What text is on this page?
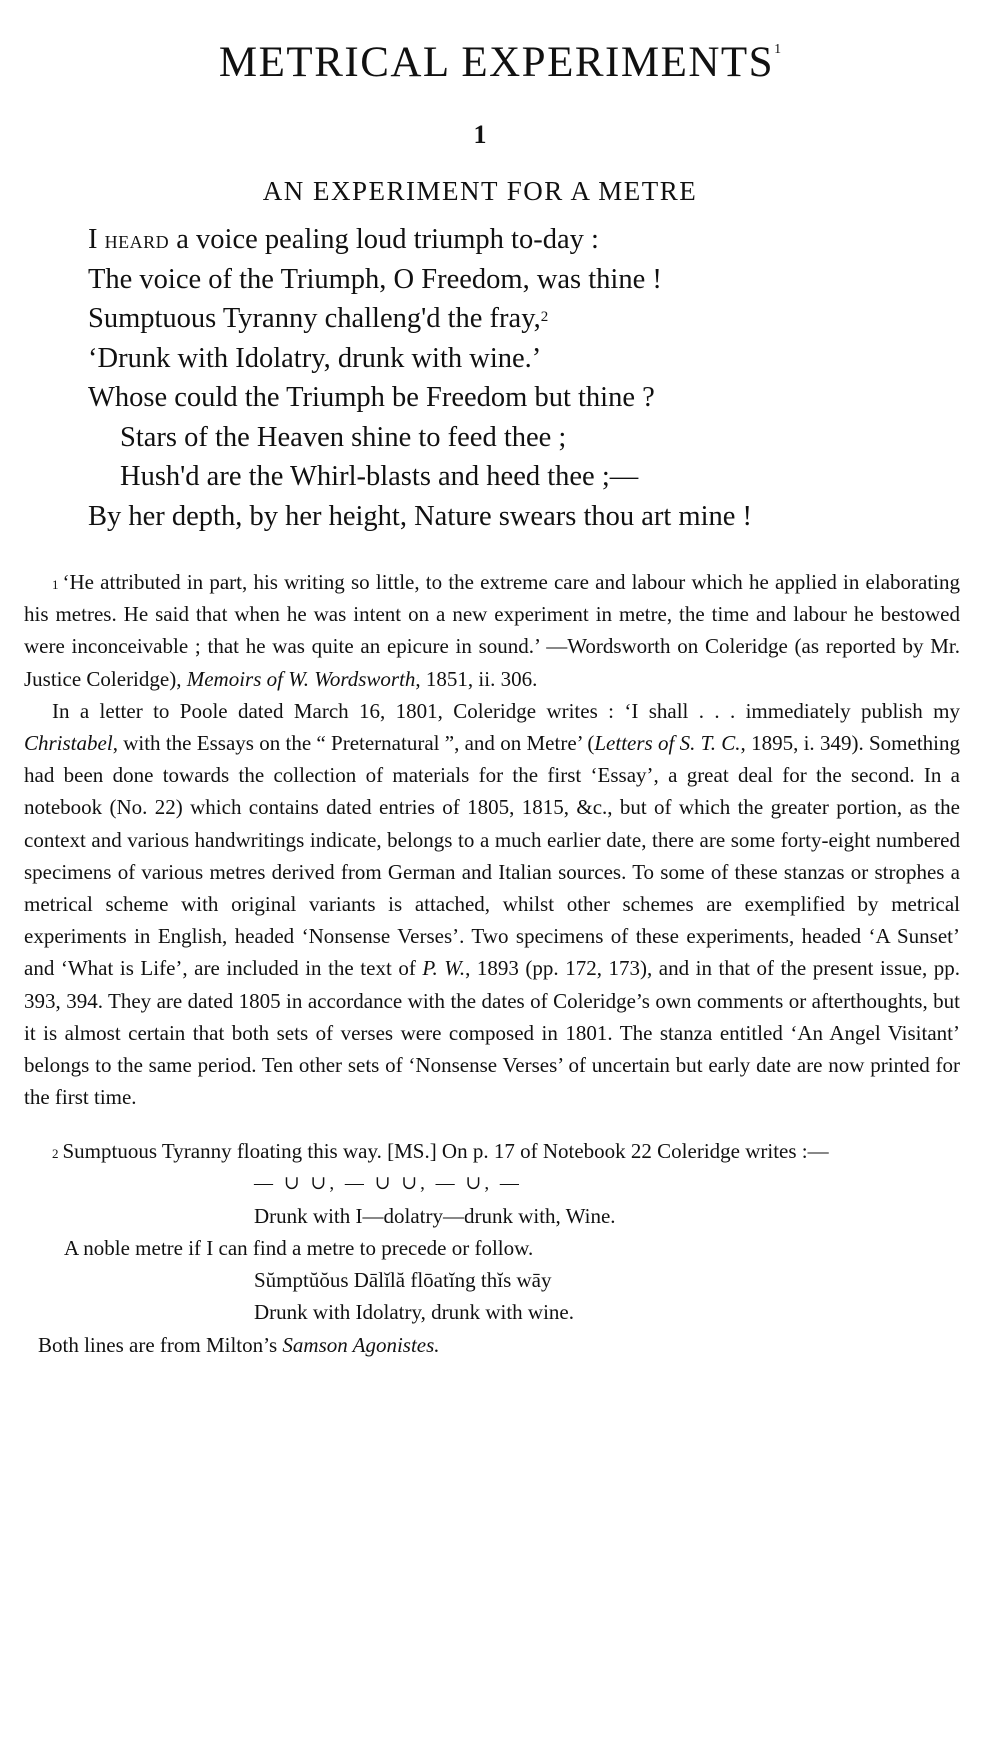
METRICAL EXPERIMENTS$^1$
1
AN EXPERIMENT FOR A METRE
I heard a voice pealing loud triumph to-day :
The voice of the Triumph, O Freedom, was thine !
Sumptuous Tyranny challeng'd the fray,$^2$
‘Drunk with Idolatry, drunk with wine.’
Whose could the Triumph be Freedom but thine ?
Stars of the Heaven shine to feed thee ;
Hush'd are the Whirl-blasts and heed thee ;—
By her depth, by her height, Nature swears thou art mine !

$^1$ ‘He attributed in part, his writing so little, to the extreme care and labour which he applied in elaborating his metres. He said that when he was intent on a new experiment in metre, the time and labour he bestowed were inconceivable ; that he was quite an epicure in sound.’ —Wordsworth on Coleridge (as reported by Mr. Justice Coleridge), Memoirs of W. Wordsworth, 1851, ii. 306.

In a letter to Poole dated March 16, 1801, Coleridge writes : ‘I shall . . . immediately publish my Christabel, with the Essays on the “ Preternatural ”, and on Metre’ (Letters of S. T. C., 1895, i. 349). Something had been done towards the collection of materials for the first ‘Essay’, a great deal for the second. In a notebook (No. 22) which contains dated entries of 1805, 1815, &c., but of which the greater portion, as the context and various handwritings indicate, belongs to a much earlier date, there are some forty-eight numbered specimens of various metres derived from German and Italian sources. To some of these stanzas or strophes a metrical scheme with original variants is attached, whilst other schemes are exemplified by metrical experiments in English, headed ‘Nonsense Verses’. Two specimens of these experiments, headed ‘A Sunset’ and ‘What is Life’, are included in the text of P. W., 1893 (pp. 172, 173), and in that of the present issue, pp. 393, 394. They are dated 1805 in accordance with the dates of Coleridge’s own comments or afterthoughts, but it is almost certain that both sets of verses were composed in 1801. The stanza entitled ‘An Angel Visitant’ belongs to the same period. Ten other sets of ‘Nonsense Verses’ of uncertain but early date are now printed for the first time.

$^2$ Sumptuous Tyranny floating this way. [MS.] On p. 17 of Notebook 22 Coleridge writes :—

— ∪ ∪, — ∪ ∪, — ∪, —

Drunk with I—dolatry—drunk with, Wine.

A noble metre if I can find a metre to precede or follow.

Sŭmptŭŏus Dālĭlă flōatĭng thĭs wāy

Drunk with Idolatry, drunk with wine.

Both lines are from Milton’s Samson Agonistes.
